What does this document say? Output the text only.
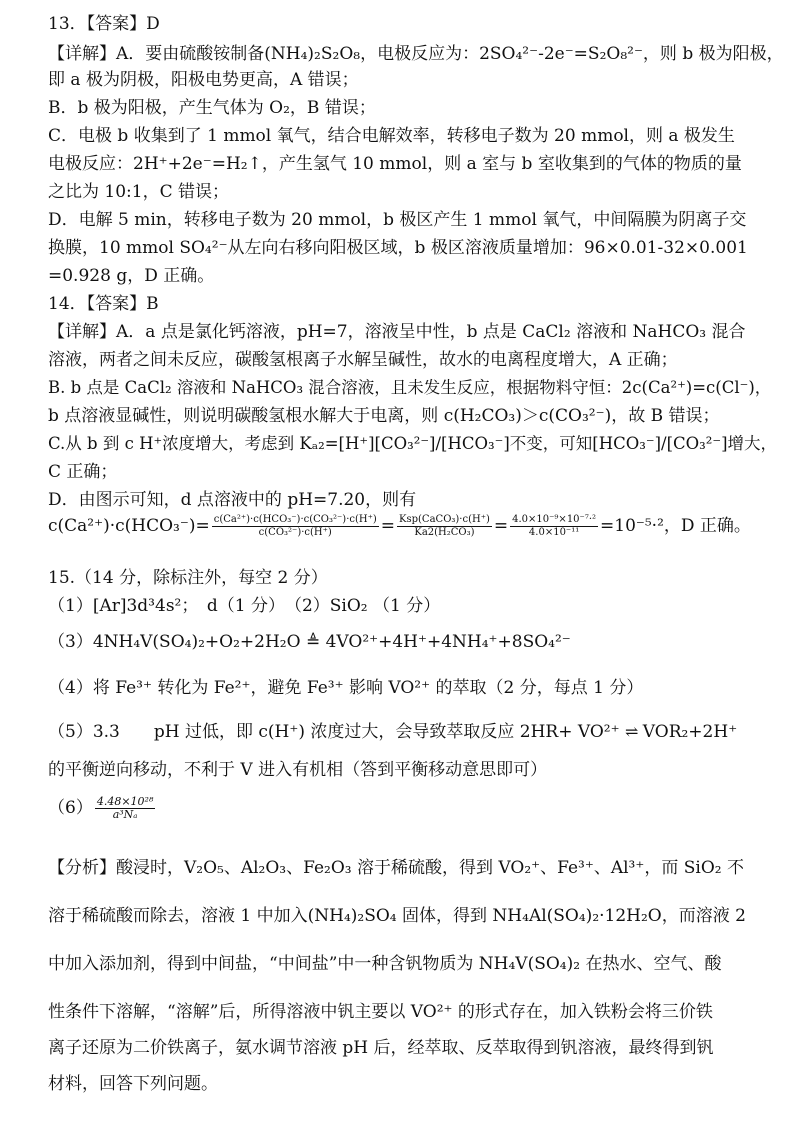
13．【答案】D
【详解】A．要由硫酸铵制备(NH₄)₂S₂O₈，电极反应为：2SO₄²⁻-2e⁻=S₂O₈²⁻，则 b 极为阳极，
即 a 极为阴极，阳极电势更高，A 错误；
B．b 极为阳极，产生气体为 O₂，B 错误；
C．电极 b 收集到了 1 mmol 氧气，结合电解效率，转移电子数为 20 mmol，则 a 极发生
电极反应：2H⁺+2e⁻=H₂↑，产生氢气 10 mmol，则 a 室与 b 室收集到的气体的物质的量
之比为 10:1，C 错误；
D．电解 5 min，转移电子数为 20 mmol，b 极区产生 1 mmol 氧气，中间隔膜为阴离子交
换膜，10 mmol SO₄²⁻从左向右移向阳极区域，b 极区溶液质量增加：96×0.01-32×0.001
=0.928 g，D 正确。
14．【答案】B
【详解】A．a 点是氯化钙溶液，pH=7，溶液呈中性，b 点是 CaCl₂ 溶液和 NaHCO₃ 混合
溶液，两者之间未反应，碳酸氢根离子水解呈碱性，故水的电离程度增大，A 正确；
B. b 点是 CaCl₂ 溶液和 NaHCO₃ 混合溶液，且未发生反应，根据物料守恒：2c(Ca²⁺)=c(Cl⁻)，
b 点溶液显碱性，则说明碳酸氢根水解大于电离，则 c(H₂CO₃)＞c(CO₃²⁻)，故 B 错误；
C.从 b 到 c H⁺浓度增大，考虑到 Kₐ₂=[H⁺][CO₃²⁻]/[HCO₃⁻]不变，可知[HCO₃⁻]/[CO₃²⁻]增大，
C 正确；
D．由图示可知，d 点溶液中的 pH=7.20，则有
$c(Ca^{2+})\cdot c(HCO_3^-)= \frac{\text{c(Ca²⁺)·c(HCO₃⁻)·c(CO₃²⁻)·c(H⁺)}}{\text{c(CO₃²⁻)·c(H⁺)}} = \frac{\text{Ksp(CaCO₃)·c(H⁺)}}{\text{Ka2(H₂CO₃)}} = \frac{\text{4.0×10⁻⁹×10⁻⁷·²}}{\text{4.0×10⁻¹¹}} =10^{-5}\cdot^2$，D 正确。
15.（14 分，除标注外，每空 2 分）
（1）[Ar]3d³4s²；　d（1 分）　（2）SiO₂ （1 分）
（3）4NH₄V(SO₄)₂+O₂+2H₂O ≜ 4VO²⁺+4H⁺+4NH₄⁺+8SO₄²⁻
（4）将 Fe³⁺ 转化为 Fe²⁺，避免 Fe³⁺ 影响 VO²⁺ 的萃取（2 分，每点 1 分）
（5）3.3　　pH 过低，即 c(H⁺) 浓度过大，会导致萃取反应 2HR+ VO²⁺ ⇌ VOR₂+2H⁺
的平衡逆向移动，不利于 V 进入有机相（答到平衡移动意思即可）
$(6) \frac{\text{4.48×10²⁸}}{\text{a³Nₐ}}$
【分析】酸浸时，V₂O₅、Al₂O₃、Fe₂O₃ 溶于稀硫酸，得到 VO₂⁺、Fe³⁺、Al³⁺，而 SiO₂ 不
溶于稀硫酸而除去，溶液 1 中加入(NH₄)₂SO₄ 固体，得到 NH₄Al(SO₄)₂·12H₂O，而溶液 2
中加入添加剂，得到中间盐，“中间盐”中一种含钒物质为 NH₄V(SO₄)₂ 在热水、空气、酸
性条件下溶解，“溶解”后，所得溶液中钒主要以 VO²⁺ 的形式存在，加入铁粉会将三价铁
离子还原为二价铁离子，氨水调节溶液 pH 后，经萃取、反萃取得到钒溶液，最终得到钒
材料，回答下列问题。
